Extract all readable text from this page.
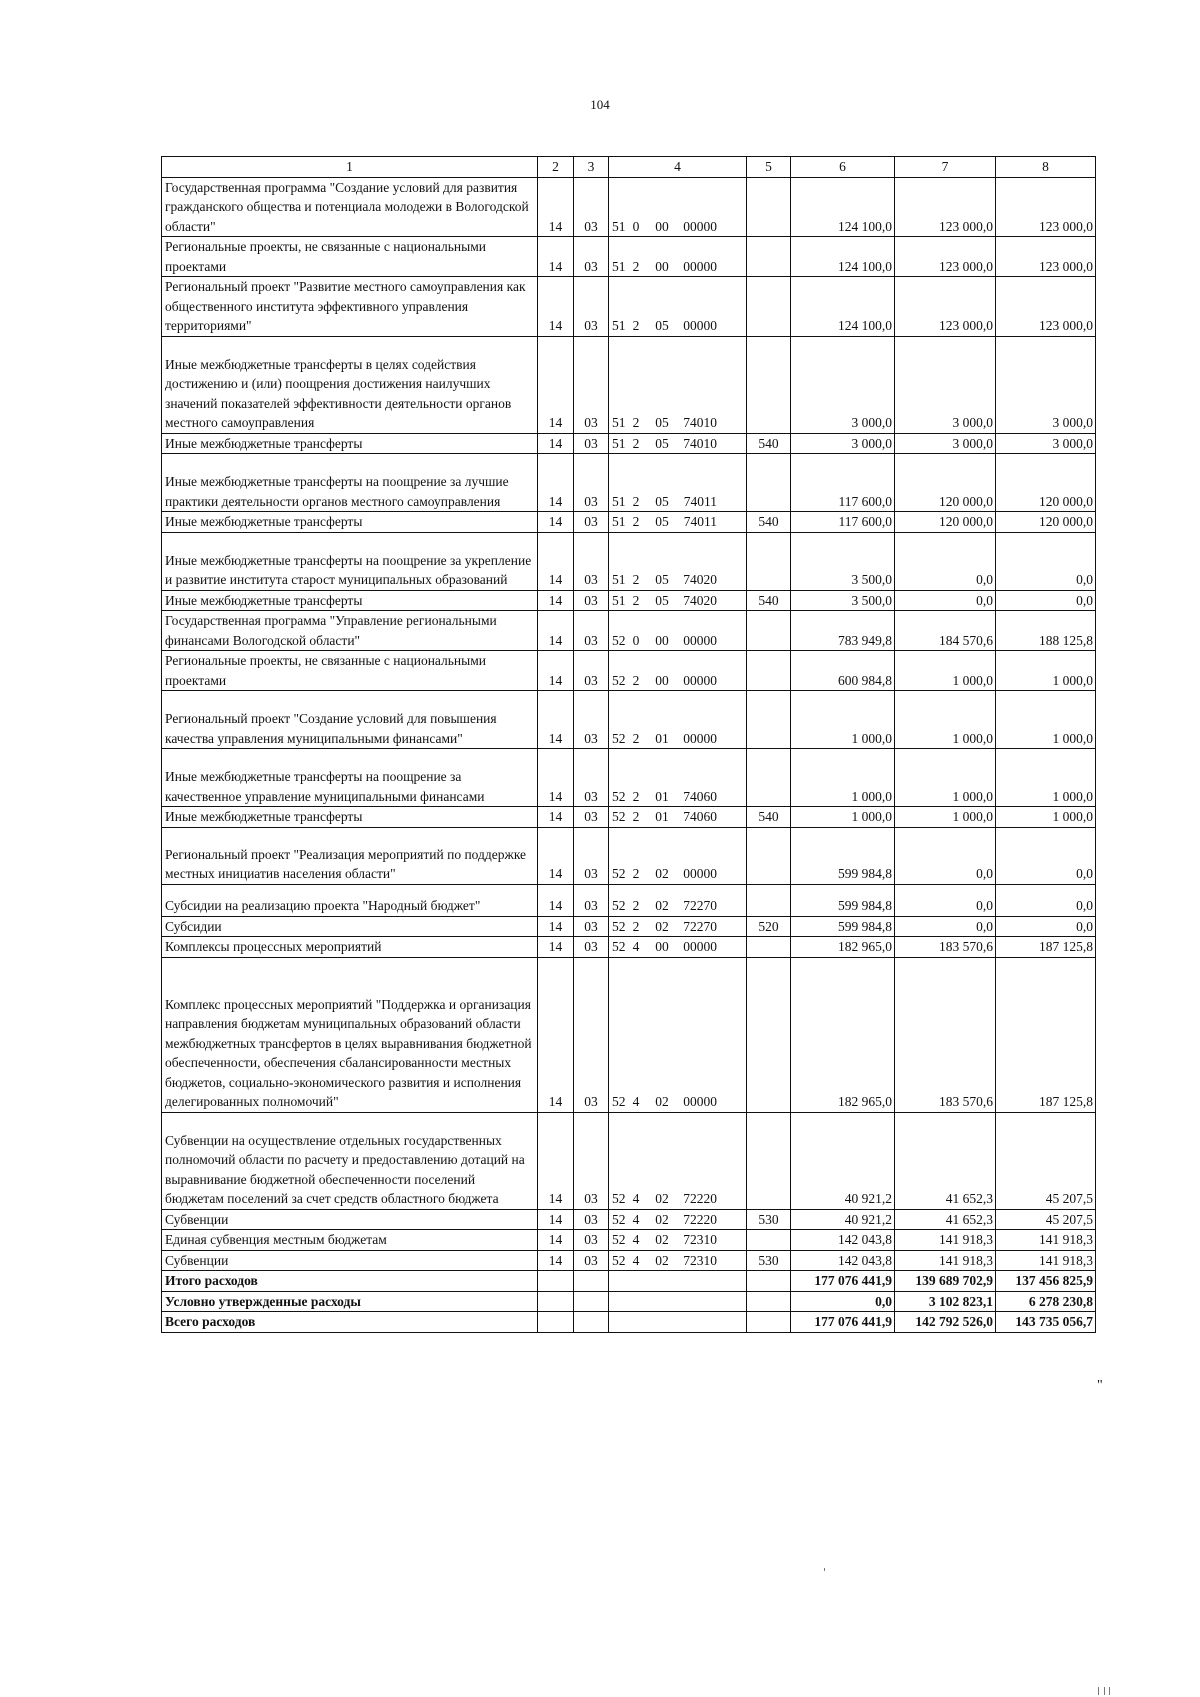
104
1	2	3	4	5	6	7	8
Государственная программа "Создание условий для развития гражданского общества и потенциала молодежи в Вологодской области"	14	03	51 0 00 00000		124 100,0	123 000,0	123 000,0
Региональные проекты, не связанные с национальными проектами	14	03	51 2 00 00000		124 100,0	123 000,0	123 000,0
Региональный проект "Развитие местного самоуправления как общественного института эффективного управления территориями"	14	03	51 2 05 00000		124 100,0	123 000,0	123 000,0
Иные межбюджетные трансферты в целях содействия достижению и (или) поощрения достижения наилучших значений показателей эффективности деятельности органов местного самоуправления	14	03	51 2 05 74010		3 000,0	3 000,0	3 000,0
Иные межбюджетные трансферты	14	03	51 2 05 74010	540	3 000,0	3 000,0	3 000,0
Иные межбюджетные трансферты на поощрение за лучшие практики деятельности органов местного самоуправления	14	03	51 2 05 74011		117 600,0	120 000,0	120 000,0
Иные межбюджетные трансферты	14	03	51 2 05 74011	540	117 600,0	120 000,0	120 000,0
Иные межбюджетные трансферты на поощрение за укрепление и развитие института старост муниципальных образований	14	03	51 2 05 74020		3 500,0	0,0	0,0
Иные межбюджетные трансферты	14	03	51 2 05 74020	540	3 500,0	0,0	0,0
Государственная программа "Управление региональными финансами Вологодской области"	14	03	52 0 00 00000		783 949,8	184 570,6	188 125,8
Региональные проекты, не связанные с национальными проектами	14	03	52 2 00 00000		600 984,8	1 000,0	1 000,0
Региональный проект "Создание условий для повышения качества управления муниципальными финансами"	14	03	52 2 01 00000		1 000,0	1 000,0	1 000,0
Иные межбюджетные трансферты на поощрение за качественное управление муниципальными финансами	14	03	52 2 01 74060		1 000,0	1 000,0	1 000,0
Иные межбюджетные трансферты	14	03	52 2 01 74060	540	1 000,0	1 000,0	1 000,0
Региональный проект "Реализация мероприятий по поддержке местных инициатив населения области"	14	03	52 2 02 00000		599 984,8	0,0	0,0
Субсидии на реализацию проекта "Народный бюджет"	14	03	52 2 02 72270		599 984,8	0,0	0,0
Субсидии	14	03	52 2 02 72270	520	599 984,8	0,0	0,0
Комплексы процессных мероприятий	14	03	52 4 00 00000		182 965,0	183 570,6	187 125,8
Комплекс процессных мероприятий "Поддержка и организация направления бюджетам муниципальных образований области межбюджетных трансфертов в целях выравнивания бюджетной обеспеченности, обеспечения сбалансированности местных бюджетов, социально-экономического развития и исполнения делегированных полномочий"	14	03	52 4 02 00000		182 965,0	183 570,6	187 125,8
Субвенции на осуществление отдельных государственных полномочий области по расчету и предоставлению дотаций на выравнивание бюджетной обеспеченности поселений бюджетам поселений за счет средств областного бюджета	14	03	52 4 02 72220		40 921,2	41 652,3	45 207,5
Субвенции	14	03	52 4 02 72220	530	40 921,2	41 652,3	45 207,5
Единая субвенция местным бюджетам	14	03	52 4 02 72310		142 043,8	141 918,3	141 918,3
Субвенции	14	03	52 4 02 72310	530	142 043,8	141 918,3	141 918,3
Итого расходов					177 076 441,9	139 689 702,9	137 456 825,9
Условно утвержденные расходы					0,0	3 102 823,1	6 278 230,8
Всего расходов					177 076 441,9	142 792 526,0	143 735 056,7
"
